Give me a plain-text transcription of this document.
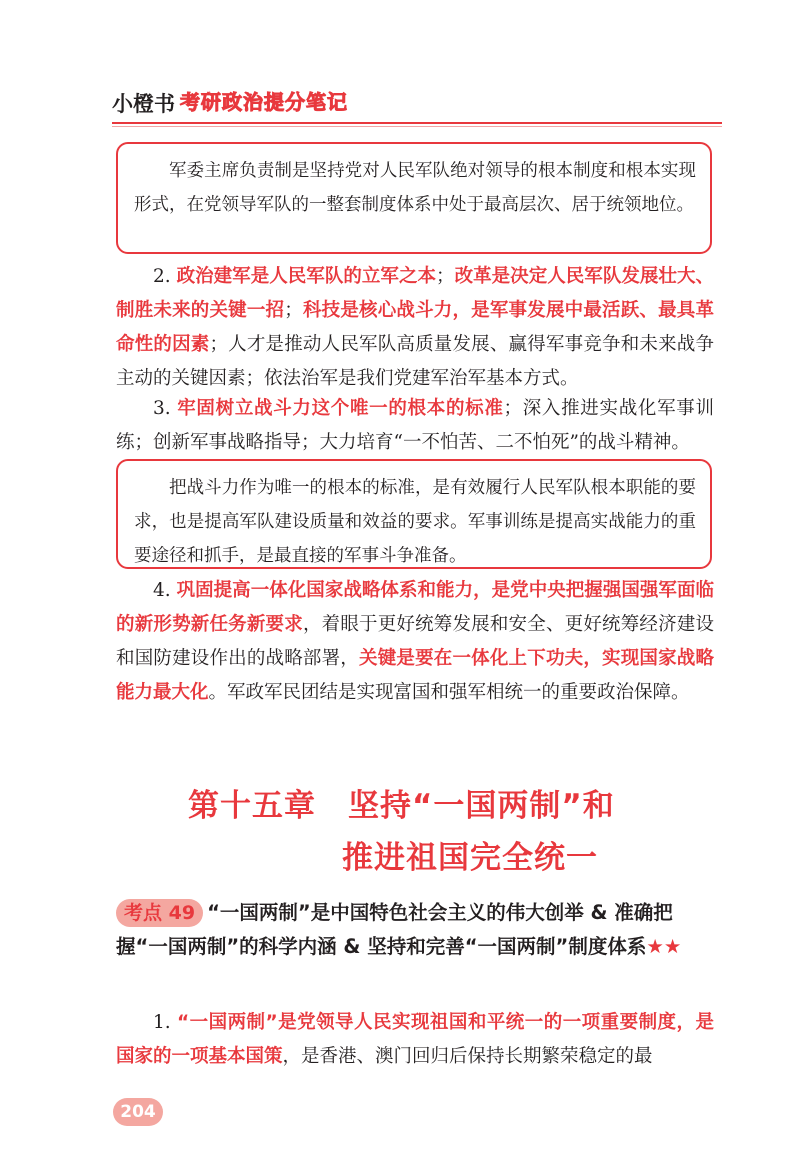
小橙书 考研政治提分笔记
军委主席负责制是坚持党对人民军队绝对领导的根本制度和根本实现形式，在党领导军队的一整套制度体系中处于最高层次、居于统领地位。

2. 政治建军是人民军队的立军之本；改革是决定人民军队发展壮大、制胜未来的关键一招；科技是核心战斗力，是军事发展中最活跃、最具革命性的因素；人才是推动人民军队高质量发展、赢得军事竞争和未来战争主动的关键因素；依法治军是我们党建军治军基本方式。

3. 牢固树立战斗力这个唯一的根本的标准；深入推进实战化军事训练；创新军事战略指导；大力培育“一不怕苦、二不怕死”的战斗精神。

把战斗力作为唯一的根本的标准，是有效履行人民军队根本职能的要求，也是提高军队建设质量和效益的要求。军事训练是提高实战能力的重要途径和抓手，是最直接的军事斗争准备。

4. 巩固提高一体化国家战略体系和能力，是党中央把握强国强军面临的新形势新任务新要求，着眼于更好统筹发展和安全、更好统筹经济建设和国防建设作出的战略部署，关键是要在一体化上下功夫，实现国家战略能力最大化。军政军民团结是实现富国和强军相统一的重要政治保障。

第十五章　坚持“一国两制”和
推进祖国完全统一
考点 49 “一国两制”是中国特色社会主义的伟大创举 & 准确把握“一国两制”的科学内涵 & 坚持和完善“一国两制”制度体系★★

1. “一国两制”是党领导人民实现祖国和平统一的一项重要制度，是国家的一项基本国策，是香港、澳门回归后保持长期繁荣稳定的最

204
